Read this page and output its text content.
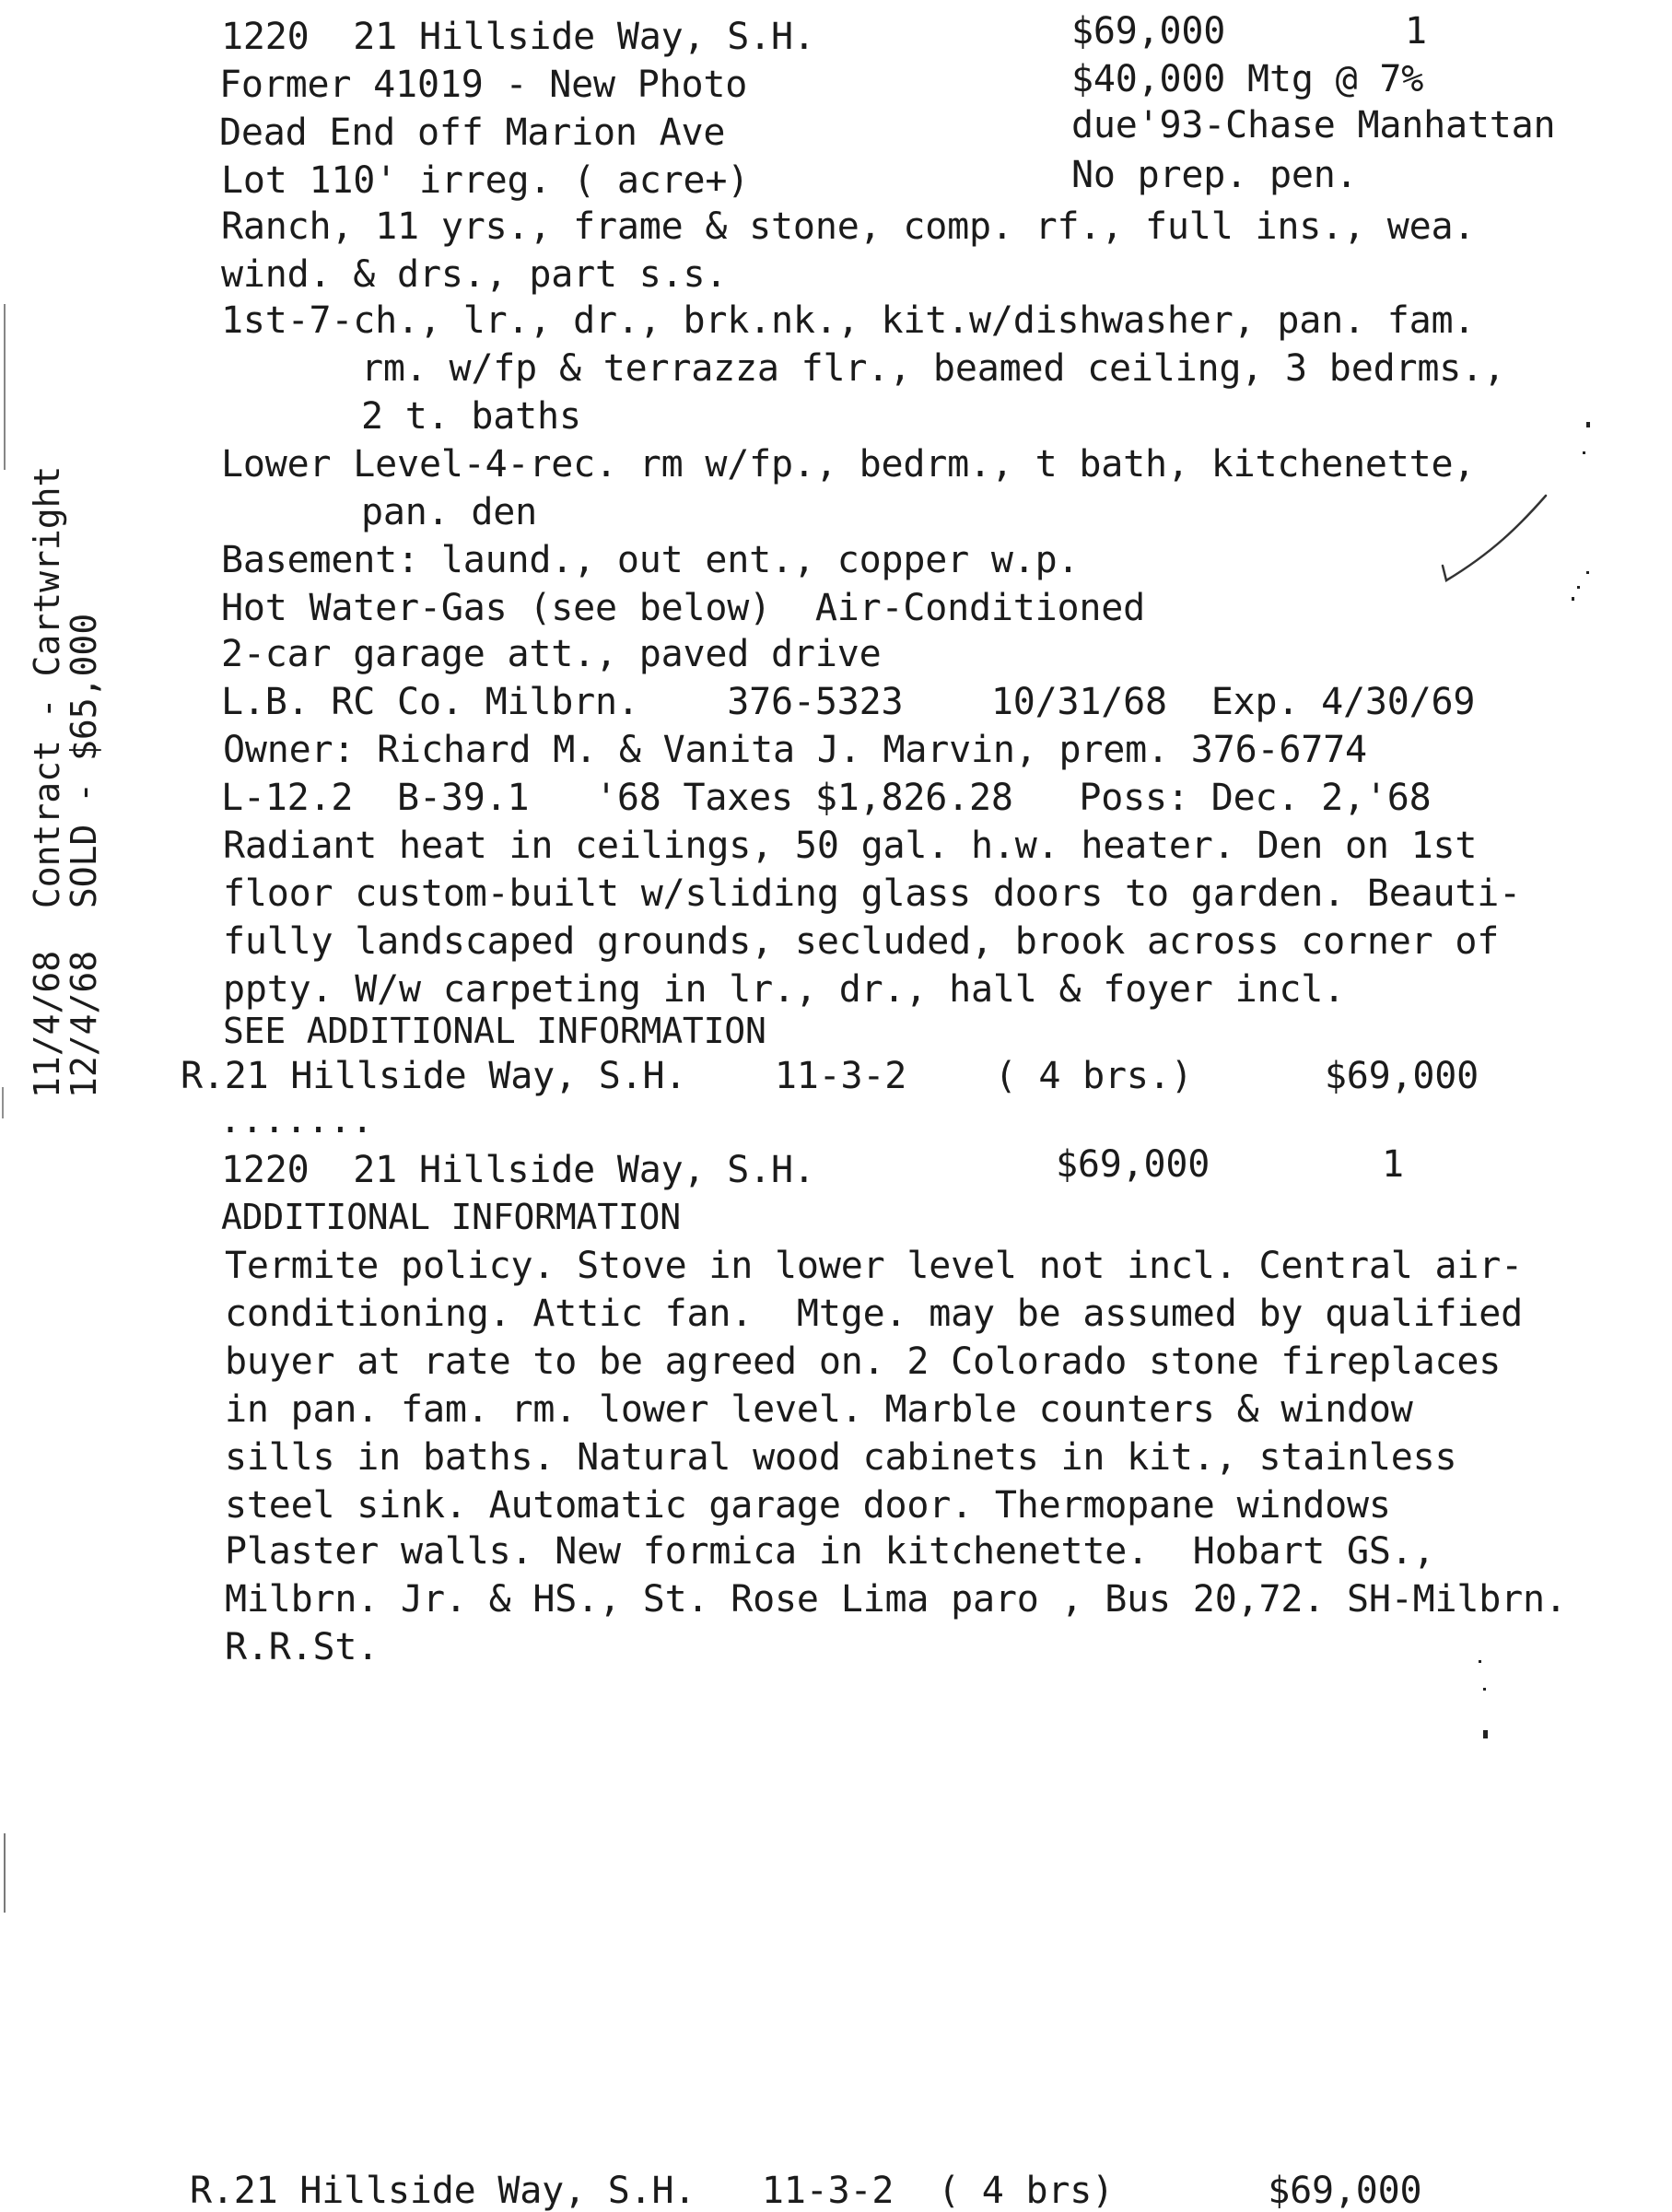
1220  21 Hillside Way, S.H.	$69,000	1
Former 41019 - New Photo	$40,000 Mtg @ 7%
Dead End off Marion Ave	due'93-Chase Manhattan
Lot 110' irreg. ( acre+)	No prep. pen.
Ranch, 11 yrs., frame & stone, comp. rf., full ins., wea.
wind. & drs., part s.s.
1st-7-ch., lr., dr., brk.nk., kit.w/dishwasher, pan. fam.
rm. w/fp & terrazza flr., beamed ceiling, 3 bedrms.,
2 t. baths
Lower Level-4-rec. rm w/fp., bedrm., t bath, kitchenette,
pan. den
Basement: laund., out ent., copper w.p.
Hot Water-Gas (see below)  Air-Conditioned
2-car garage att., paved drive
L.B. RC Co. Milbrn.    376-5323    10/31/68  Exp. 4/30/69
Owner: Richard M. & Vanita J. Marvin, prem. 376-6774
L-12.2  B-39.1   '68 Taxes $1,826.28   Poss: Dec. 2,'68
Radiant heat in ceilings, 50 gal. h.w. heater. Den on 1st
floor custom-built w/sliding glass doors to garden. Beauti-
fully landscaped grounds, secluded, brook across corner of
ppty. W/w carpeting in lr., dr., hall & foyer incl.
SEE ADDITIONAL INFORMATION
R.21 Hillside Way, S.H.    11-3-2    ( 4 brs.)      $69,000
.......
1220  21 Hillside Way, S.H.	$69,000	1
ADDITIONAL INFORMATION
Termite policy. Stove in lower level not incl. Central air-
conditioning. Attic fan.  Mtge. may be assumed by qualified
buyer at rate to be agreed on. 2 Colorado stone fireplaces
in pan. fam. rm. lower level. Marble counters & window
sills in baths. Natural wood cabinets in kit., stainless
steel sink. Automatic garage door. Thermopane windows
Plaster walls. New formica in kitchenette.  Hobart GS.,
Milbrn. Jr. & HS., St. Rose Lima paro , Bus 20,72. SH-Milbrn.
R.R.St.
R.21 Hillside Way, S.H.   11-3-2  ( 4 brs)       $69,000
11/4/68  Contract - Cartwright
12/4/68  SOLD - $65,000
